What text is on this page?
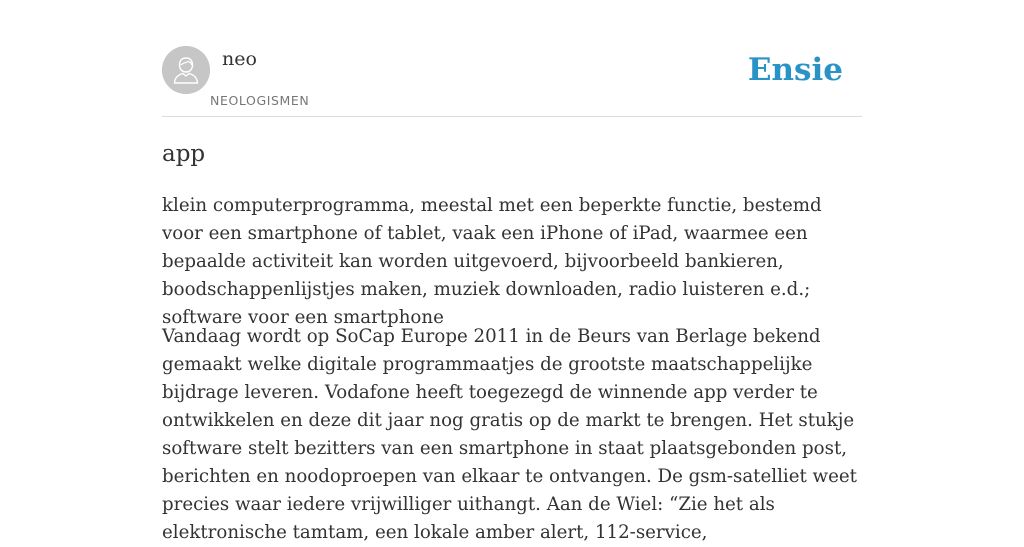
neo
NEOLOGISMEN
Ensie
app

klein computerprogramma, meestal met een beperkte functie, bestemd voor een smartphone of tablet, vaak een iPhone of iPad, waarmee een bepaalde activiteit kan worden uitgevoerd, bijvoorbeeld bankieren, boodschappenlijstjes maken, muziek downloaden, radio luisteren e.d.; software voor een smartphone

Vandaag wordt op SoCap Europe 2011 in de Beurs van Berlage bekend gemaakt welke digitale programmaatjes de grootste maatschappelijke bijdrage leveren. Vodafone heeft toegezegd de winnende app verder te ontwikkelen en deze dit jaar nog gratis op de markt te brengen. Het stukje software stelt bezitters van een smartphone in staat plaatsgebonden post, berichten en noodoproepen van elkaar te ontvangen. De gsm-satelliet weet precies waar iedere vrijwilliger uithangt. Aan de Wiel: “Zie het als elektronische tamtam, een lokale amber alert, 112-service,
